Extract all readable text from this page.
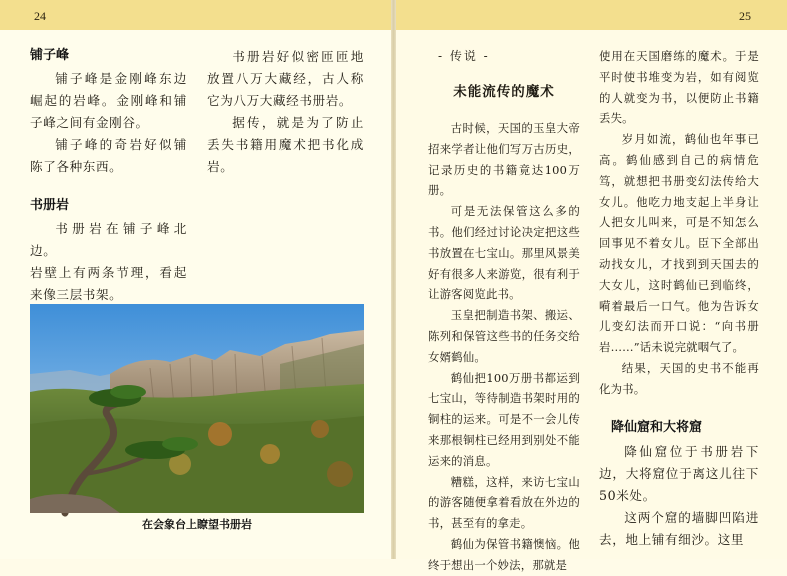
24

铺子峰

铺子峰是金刚峰东边崛起的岩峰。金刚峰和铺子峰之间有金刚谷。

铺子峰的奇岩好似铺陈了各种东西。

书册岩

书册岩在铺子峰北边。

岩壁上有两条节理，看起来像三层书架。

书册岩好似密匝匝地放置八万大藏经，古人称它为八万大藏经书册岩。

据传，就是为了防止丢失书籍用魔术把书化成岩。

在会象台上瞭望书册岩

25

- 传说 -

未能流传的魔术

古时候，天国的玉皇大帝招来学者让他们写万古历史，记录历史的书籍竟达100万册。

可是无法保管这么多的书。他们经过讨论决定把这些书放置在七宝山。那里风景美好有很多人来游览，很有利于让游客阅览此书。

玉皇把制造书架、搬运、陈列和保管这些书的任务交给女婿鹤仙。

鹤仙把100万册书都运到七宝山，等待制造书架时用的铜柱的运来。可是不一会儿传来那根铜柱已经用到别处不能运来的消息。

糟糕，这样，来访七宝山的游客随便拿着看放在外边的书，甚至有的拿走。

鹤仙为保管书籍懊恼。他终于想出一个妙法，那就是

使用在天国磨练的魔术。于是平时使书堆变为岩，如有阅览的人就变为书，以便防止书籍丢失。

岁月如流，鹤仙也年事已高。鹤仙感到自己的病情危笃，就想把书册变幻法传给大女儿。他吃力地支起上半身让人把女儿叫来，可是不知怎么回事见不着女儿。臣下全部出动找女儿，才找到到天国去的大女儿，这时鹤仙已到临终，嗬着最后一口气。他为告诉女儿变幻法而开口说：“向书册岩……”话未说完就咽气了。

结果，天国的史书不能再化为书。

降仙窟和大将窟

降仙窟位于书册岩下边，大将窟位于离这儿往下50米处。

这两个窟的墙脚凹陷进去，地上铺有细沙。这里
